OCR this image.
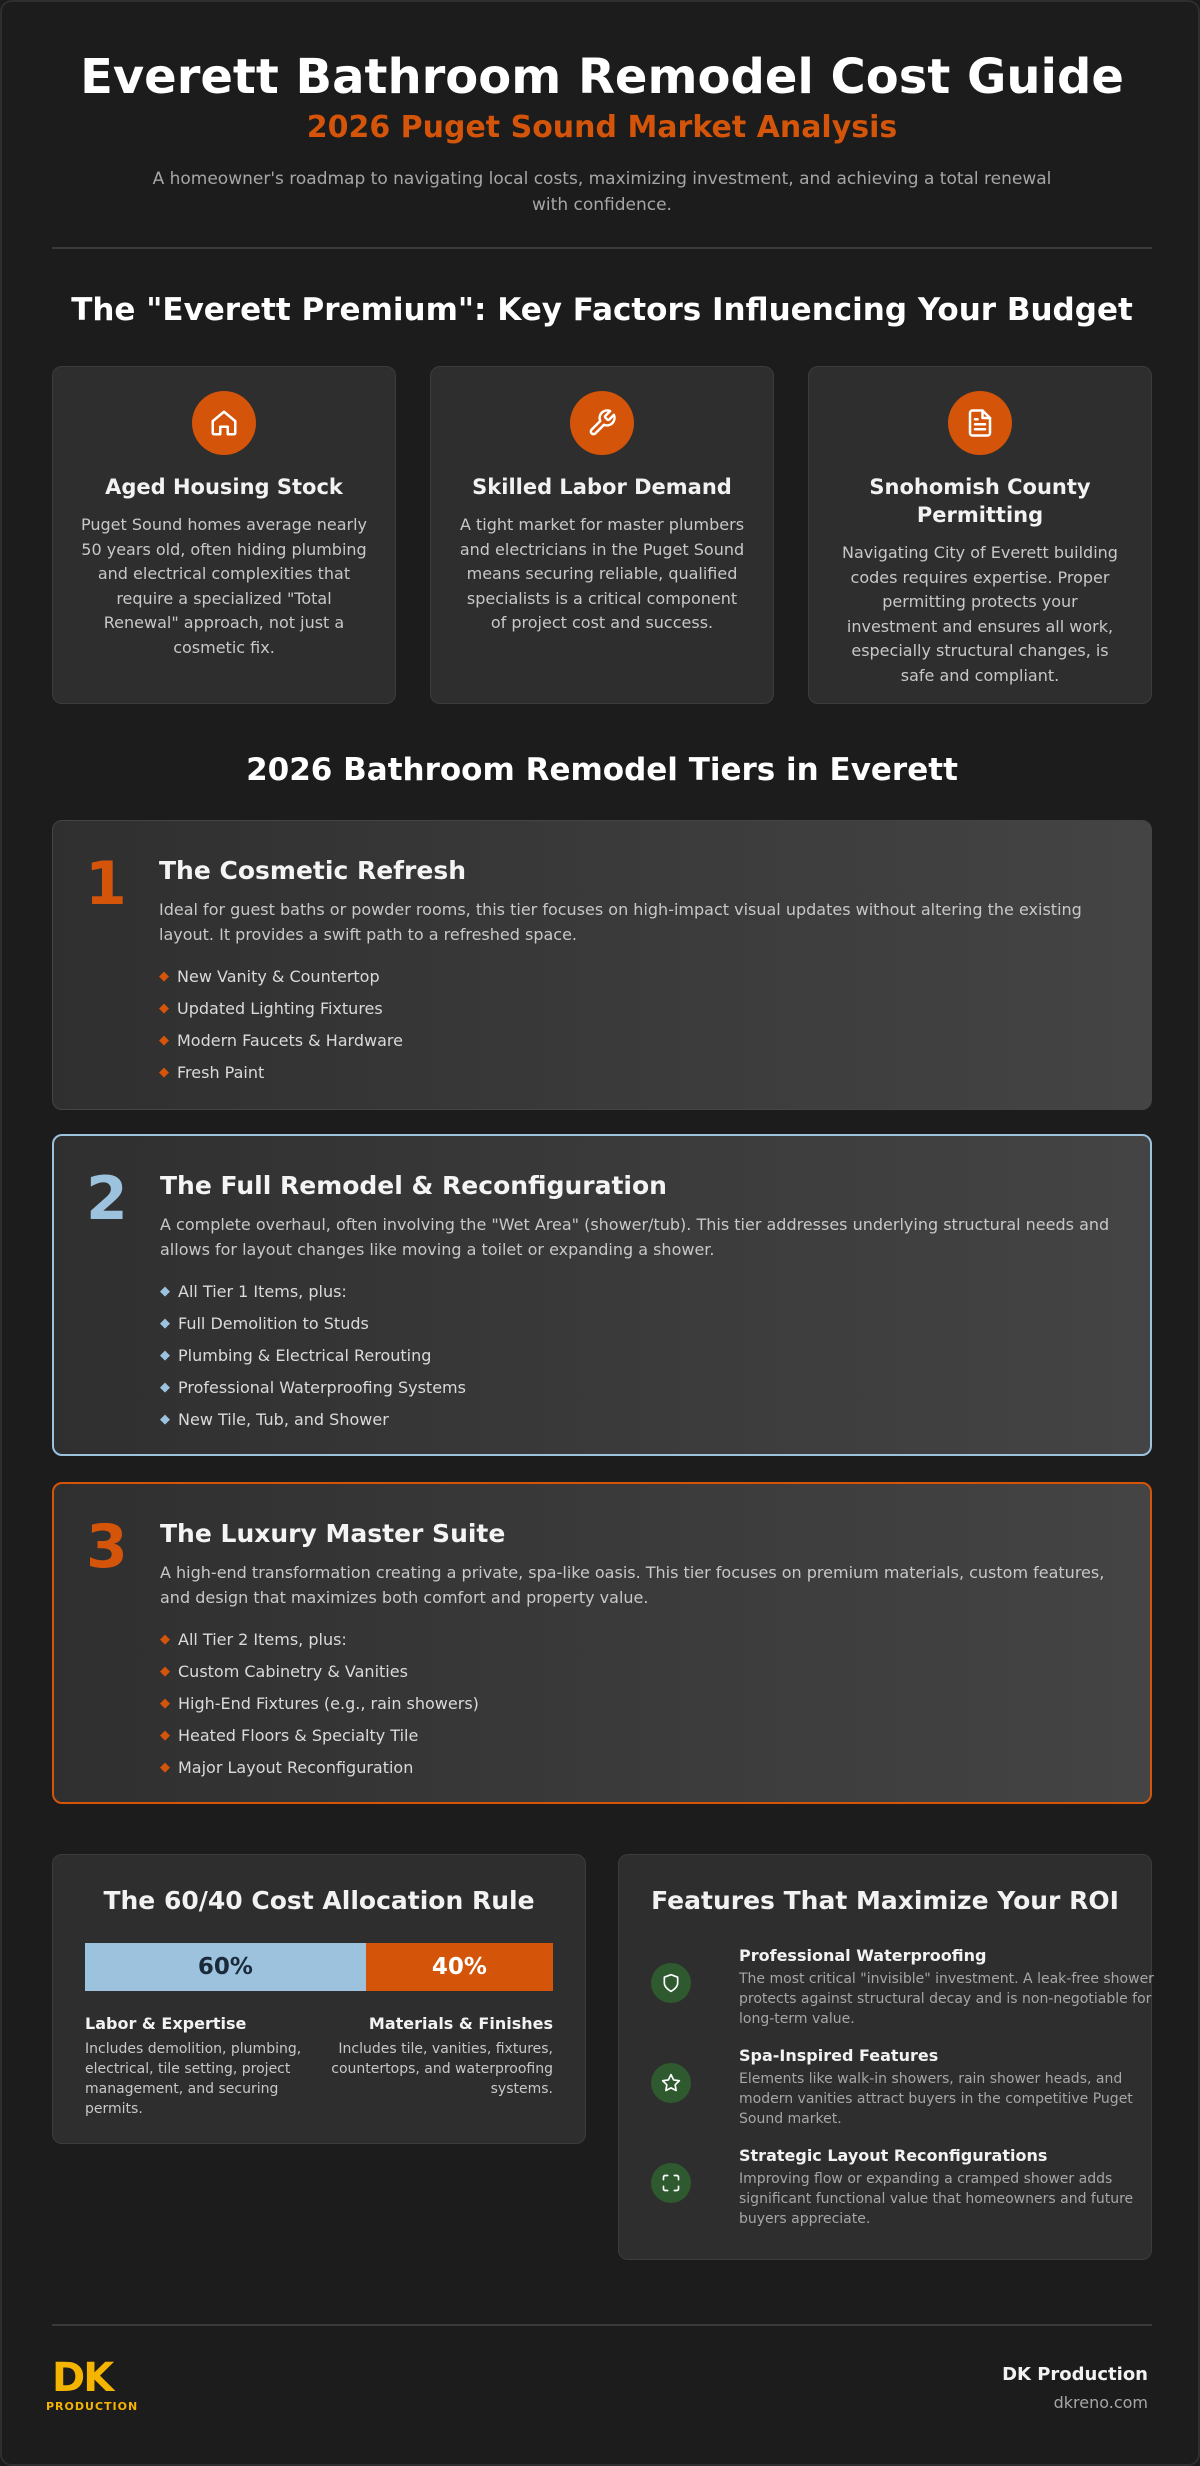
Everett Bathroom Remodel Cost Guide
2026 Puget Sound Market Analysis

A homeowner's roadmap to navigating local costs, maximizing investment, and achieving a total renewal with confidence.

The "Everett Premium": Key Factors Influencing Your Budget
Aged Housing Stock
Puget Sound homes average nearly 50 years old, often hiding plumbing and electrical complexities that require a specialized "Total Renewal" approach, not just a cosmetic fix.
Skilled Labor Demand
A tight market for master plumbers and electricians in the Puget Sound means securing reliable, qualified specialists is a critical component of project cost and success.
Snohomish County Permitting
Navigating City of Everett building codes requires expertise. Proper permitting protects your investment and ensures all work, especially structural changes, is safe and compliant.
2026 Bathroom Remodel Tiers in Everett
1 The Cosmetic Refresh
Ideal for guest baths or powder rooms, this tier focuses on high-impact visual updates without altering the existing layout. It provides a swift path to a refreshed space.
◆ New Vanity & Countertop
◆ Updated Lighting Fixtures
◆ Modern Faucets & Hardware
◆ Fresh Paint
2 The Full Remodel & Reconfiguration
A complete overhaul, often involving the "Wet Area" (shower/tub). This tier addresses underlying structural needs and allows for layout changes like moving a toilet or expanding a shower.
◆ All Tier 1 Items, plus:
◆ Full Demolition to Studs
◆ Plumbing & Electrical Rerouting
◆ Professional Waterproofing Systems
◆ New Tile, Tub, and Shower
3 The Luxury Master Suite
A high-end transformation creating a private, spa-like oasis. This tier focuses on premium materials, custom features, and design that maximizes both comfort and property value.
◆ All Tier 2 Items, plus:
◆ Custom Cabinetry & Vanities
◆ High-End Fixtures (e.g., rain showers)
◆ Heated Floors & Specialty Tile
◆ Major Layout Reconfiguration
The 60/40 Cost Allocation Rule
60%	40%
Labor & Expertise
Includes demolition, plumbing, electrical, tile setting, project management, and securing permits.
Materials & Finishes
Includes tile, vanities, fixtures, countertops, and waterproofing systems.
Features That Maximize Your ROI
Professional Waterproofing
The most critical "invisible" investment. A leak-free shower protects against structural decay and is non-negotiable for long-term value.
Spa-Inspired Features
Elements like walk-in showers, rain shower heads, and modern vanities attract buyers in the competitive Puget Sound market.
Strategic Layout Reconfigurations
Improving flow or expanding a cramped shower adds significant functional value that homeowners and future buyers appreciate.
DK
PRODUCTION
DK Production
dkreno.com
